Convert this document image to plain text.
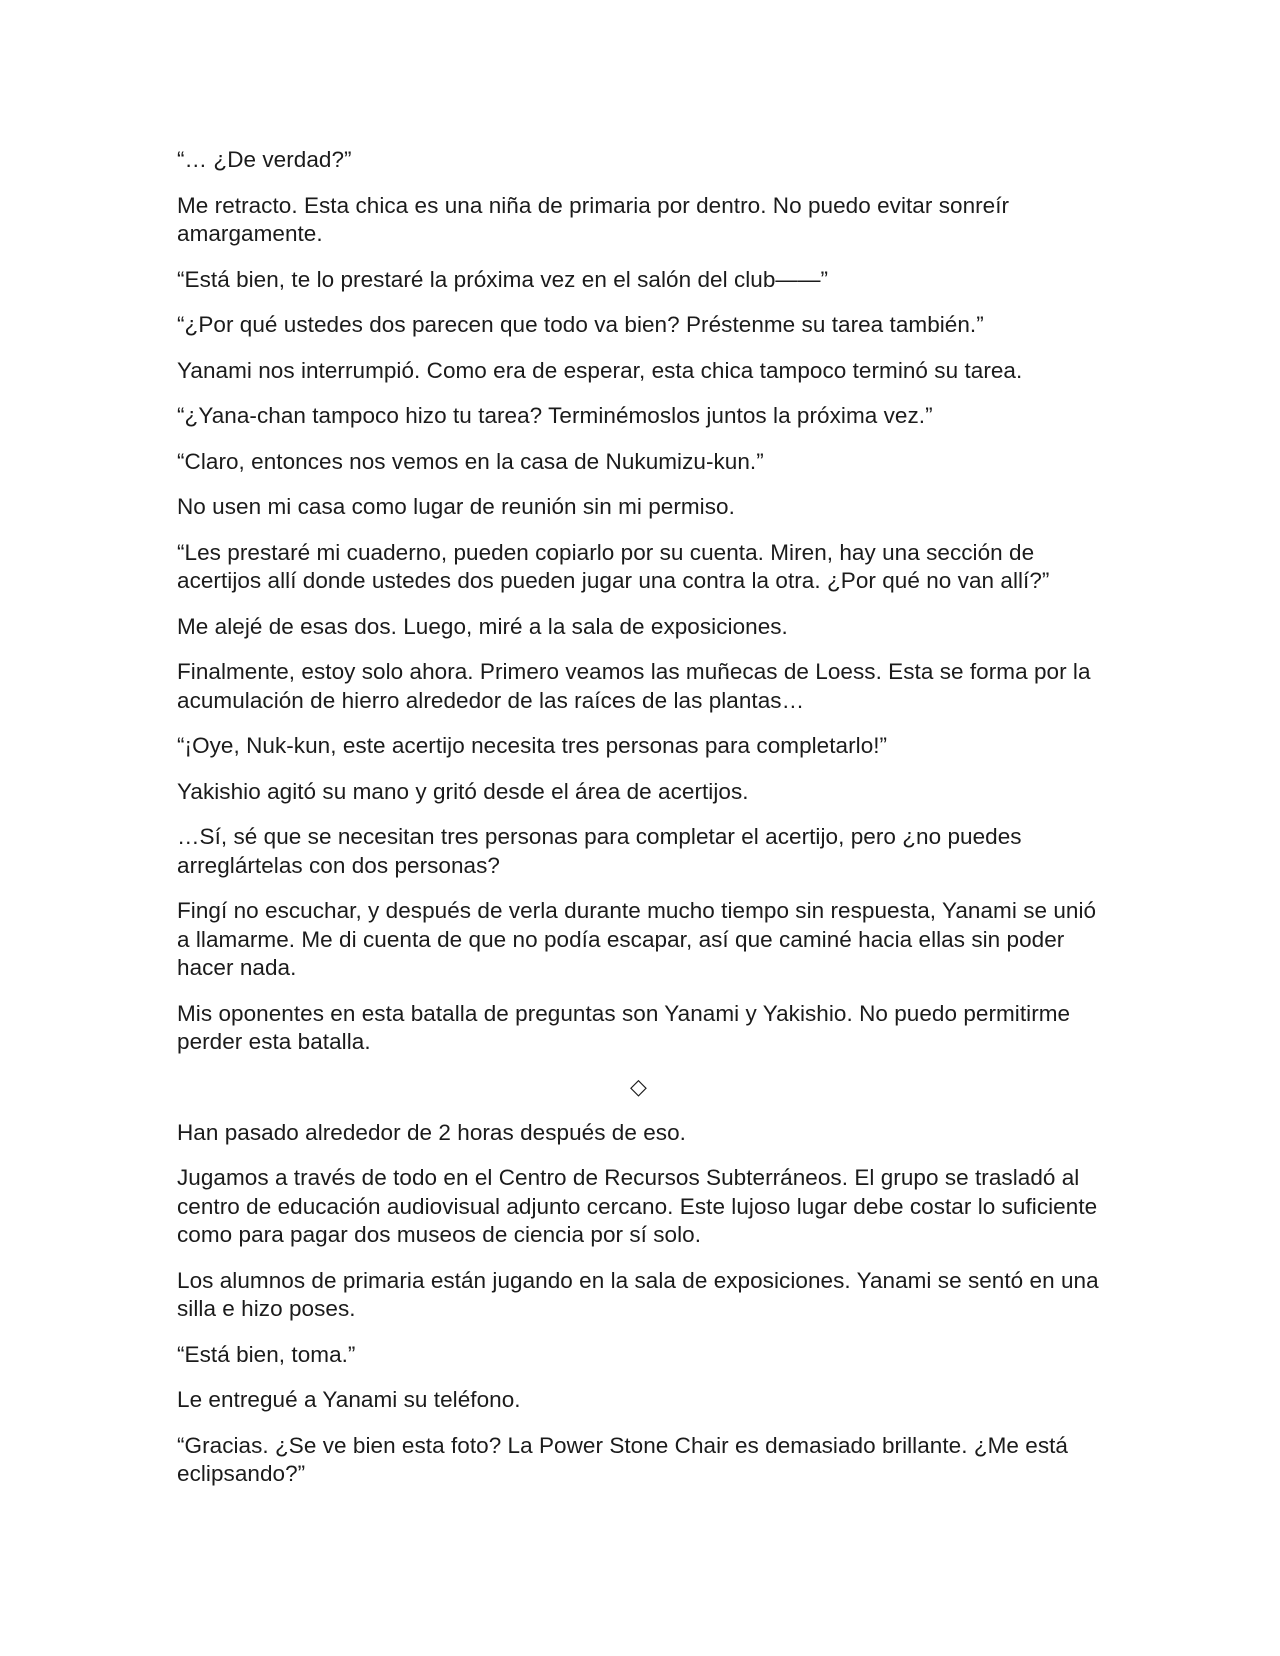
“… ¿De verdad?”

Me retracto. Esta chica es una niña de primaria por dentro. No puedo evitar sonreír amargamente.

“Está bien, te lo prestaré la próxima vez en el salón del club——”

“¿Por qué ustedes dos parecen que todo va bien? Préstenme su tarea también.”

Yanami nos interrumpió. Como era de esperar, esta chica tampoco terminó su tarea.

“¿Yana-chan tampoco hizo tu tarea? Terminémoslos juntos la próxima vez.”

“Claro, entonces nos vemos en la casa de Nukumizu-kun.”

No usen mi casa como lugar de reunión sin mi permiso.

“Les prestaré mi cuaderno, pueden copiarlo por su cuenta. Miren, hay una sección de acertijos allí donde ustedes dos pueden jugar una contra la otra. ¿Por qué no van allí?”

Me alejé de esas dos. Luego, miré a la sala de exposiciones.

Finalmente, estoy solo ahora. Primero veamos las muñecas de Loess. Esta se forma por la acumulación de hierro alrededor de las raíces de las plantas…

“¡Oye, Nuk-kun, este acertijo necesita tres personas para completarlo!”

Yakishio agitó su mano y gritó desde el área de acertijos.

…Sí, sé que se necesitan tres personas para completar el acertijo, pero ¿no puedes arreglártelas con dos personas?

Fingí no escuchar, y después de verla durante mucho tiempo sin respuesta, Yanami se unió a llamarme. Me di cuenta de que no podía escapar, así que caminé hacia ellas sin poder hacer nada.

Mis oponentes en esta batalla de preguntas son Yanami y Yakishio. No puedo permitirme perder esta batalla.

◇

Han pasado alrededor de 2 horas después de eso.

Jugamos a través de todo en el Centro de Recursos Subterráneos. El grupo se trasladó al centro de educación audiovisual adjunto cercano. Este lujoso lugar debe costar lo suficiente como para pagar dos museos de ciencia por sí solo.

Los alumnos de primaria están jugando en la sala de exposiciones. Yanami se sentó en una silla e hizo poses.

“Está bien, toma.”

Le entregué a Yanami su teléfono.

“Gracias. ¿Se ve bien esta foto? La Power Stone Chair es demasiado brillante. ¿Me está eclipsando?”
